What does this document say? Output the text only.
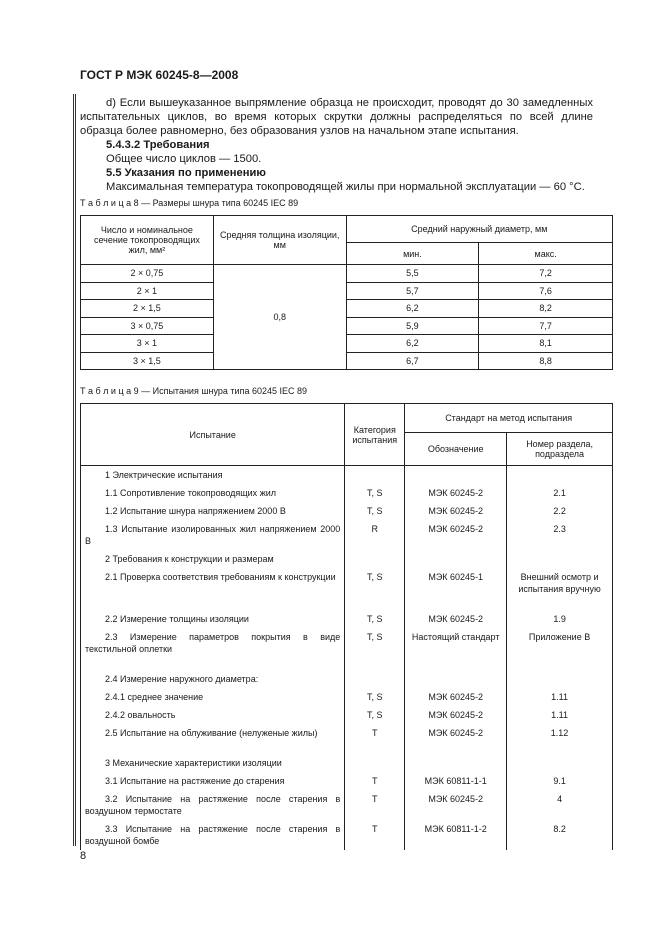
ГОСТ Р МЭК 60245-8—2008

d) Если вышеуказанное выпрямление образца не происходит, проводят до 30 замедленных испытательных циклов, во время которых скрутки должны распределяться по всей длине образца более равномерно, без образования узлов на начальном этапе испытания.

5.4.3.2 Требования

Общее число циклов — 1500.

5.5 Указания по применению

Максимальная температура токопроводящей жилы при нормальной эксплуатации — 60 °С.

Т а б л и ц а 8 — Размеры шнура типа 60245 IEC 89
Число и номинальное сечение токопроводящих жил, мм²	Средняя толщина изоляции, мм	Средний наружный диаметр, мм	
		мин.	макс.
2 × 0,75	0,8	5,5	7,2
2 × 1		5,7	7,6
2 × 1,5		6,2	8,2
3 × 0,75		5,9	7,7
3 × 1		6,2	8,1
3 × 1,5		6,7	8,8
Т а б л и ц а 9 — Испытания шнура типа 60245 IEC 89
Испытание	Категория испытания	Стандарт на метод испытания	
		Обозначение	Номер раздела, подраздела
1 Электрические испытания			
1.1 Сопротивление токопроводящих жил	T, S	МЭК 60245-2	2.1
1.2 Испытание шнура напряжением 2000 В	T, S	МЭК 60245-2	2.2
1.3 Испытание изолированных жил напряжением 2000 В	R	МЭК 60245-2	2.3
2 Требования к конструкции и размерам			
2.1 Проверка соответствия требованиям к конструкции	T, S	МЭК 60245-1	Внешний осмотр и испытания вручную
2.2 Измерение толщины изоляции	T, S	МЭК 60245-2	1.9
2.3 Измерение параметров покрытия в виде текстильной оплетки	T, S	Настоящий стандарт	Приложение В
2.4 Измерение наружного диаметра:			
2.4.1 среднее значение	T, S	МЭК 60245-2	1.11
2.4.2 овальность	T, S	МЭК 60245-2	1.11
2.5 Испытание на облуживание (нелуженые жилы)	T	МЭК 60245-2	1.12
3 Механические характеристики изоляции			
3.1 Испытание на растяжение до старения	T	МЭК 60811-1-1	9.1
3.2 Испытание на растяжение после старения в воздушном термостате	T	МЭК 60245-2	4
3.3 Испытание на растяжение после старения в воздушной бомбе	T	МЭК 60811-1-2	8.2
8
